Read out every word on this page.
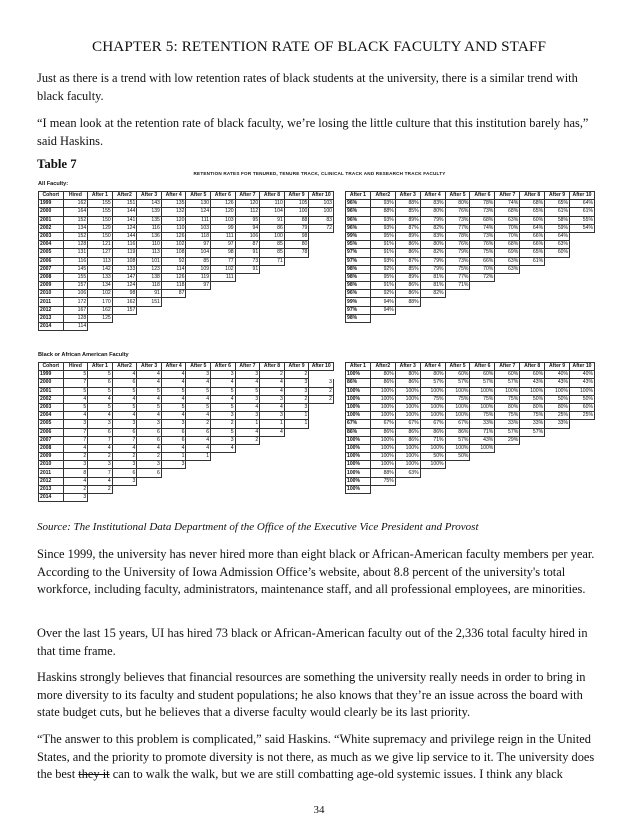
CHAPTER 5: RETENTION RATE OF BLACK FACULTY AND STAFF

Just as there is a trend with low retention rates of black students at the university, there is a similar trend with black faculty.

“I mean look at the retention rate of black faculty, we’re losing the little culture that this institution barely has,” said Haskins.

Table 7

RETENTION RATES FOR TENURED, TENURE TRACK, CLINICAL TRACK AND RESEARCH TRACK FACULTY
All Faculty:
Black or African American Faculty
Cohort	Hired	After 1	After2	After 3	After 4	After 5	After 6	After 7	After 8	After 9	After 10
1999	162	155	151	143	135	130	126	120	110	105	103
2000	164	155	144	139	132	124	120	112	104	100	100
2001	152	150	141	135	120	111	103	95	91	88	83
2002	134	129	124	116	110	103	99	94	86	79	72
2003	152	150	144	136	126	118	111	106	100	98	
2004	128	121	116	110	102	97	97	87	85	80	
2005	131	127	119	113	108	104	98	91	85	78	
2006	116	113	108	101	92	85	77	73	71		
2007	145	142	133	123	114	109	102	91			
2008	155	133	147	138	126	119	111				
2009	157	134	124	118	118	97					
2010	106	102	98	91	87						
2011	172	170	162	151							
2012	167	162	157								
2013	128	125									
2014	114										
After 1	After2	After 3	After 4	After 5	After 6	After 7	After 8	After 9	After 10
96%	93%	88%	83%	80%	78%	74%	68%	65%	64%
96%	88%	85%	80%	76%	73%	68%	65%	61%	61%
96%	93%	89%	79%	73%	68%	63%	60%	58%	55%
96%	93%	87%	82%	77%	74%	70%	64%	59%	54%
99%	95%	89%	83%	78%	73%	70%	66%	64%	
95%	91%	86%	80%	76%	76%	68%	66%	63%	
97%	91%	86%	82%	79%	75%	69%	65%	60%	
97%	93%	87%	79%	73%	66%	63%	61%		
98%	92%	85%	79%	75%	70%	63%			
98%	95%	89%	81%	77%	72%				
98%	91%	86%	81%	71%					
96%	92%	86%	82%						
99%	94%	88%							
97%	94%								
98%									
Cohort	Hired	After 1	After2	After 3	After 4	After 5	After 6	After 7	After 8	After 9	After 10
1999	5	5	4	4	4	3	3	3	2	2	
2000	7	6	6	4	4	4	4	4	4	3	3
2001	5	5	5	5	5	5	5	5	4	3	2
2002	4	4	4	4	4	4	4	3	3	2	2
2003	5	5	5	5	5	5	5	4	4	3	
2004	4	4	4	4	4	4	3	3	3	1	
2005	3	3	3	3	3	2	2	1	1	1	
2006	7	6	6	6	6	6	5	4	4		
2007	7	7	7	6	6	4	3	2			
2008	4	4	4	4	4	4	4				
2009	2	2	2	2	1	1					
2010	3	3	3	3	3						
2011	8	7	6	6							
2012	4	4	3								
2013	2	2									
2014	3										
After 1	After2	After 3	After 4	After 5	After 6	After 7	After 8	After 9	After 10
100%	80%	80%	80%	60%	60%	60%	60%	40%	40%
86%	86%	86%	57%	57%	57%	57%	43%	43%	43%
100%	100%	100%	100%	100%	100%	100%	100%	100%	100%
100%	100%	100%	75%	75%	75%	75%	50%	50%	50%
100%	100%	100%	100%	100%	100%	80%	80%	80%	60%
100%	100%	100%	100%	100%	75%	75%	75%	25%	25%
67%	67%	67%	67%	67%	33%	33%	33%	33%	
86%	86%	86%	86%	86%	71%	57%	57%		
100%	100%	86%	71%	57%	43%	29%			
100%	100%	100%	100%	100%	100%				
100%	100%	100%	50%	50%					
100%	100%	100%	100%						
100%	88%	63%							
100%	75%								
100%									

Source: The Institutional Data Department of the Office of the Executive Vice President and Provost

Since 1999, the university has never hired more than eight black or African-American faculty members per year. According to the University of Iowa Admission Office’s website, about 8.8 percent of the university's total workforce, including faculty, administrators, maintenance staff, and all professional employees, are minorities.

Over the last 15 years, UI has hired 73 black or African-American faculty out of the 2,336 total faculty hired in that time frame.

Haskins strongly believes that financial resources are something the university really needs in order to bring in more diversity to its faculty and student populations; he also knows that they’re an issue across the board with state budget cuts, but he believes that a diverse faculty would clearly be its last priority.

“The answer to this problem is complicated,” said Haskins. “White supremacy and privilege reign in the United States, and the priority to promote diversity is not there, as much as we give lip service to it. The university does the best they it can to walk the walk, but we are still combatting age-old systemic issues. I think any black

34
